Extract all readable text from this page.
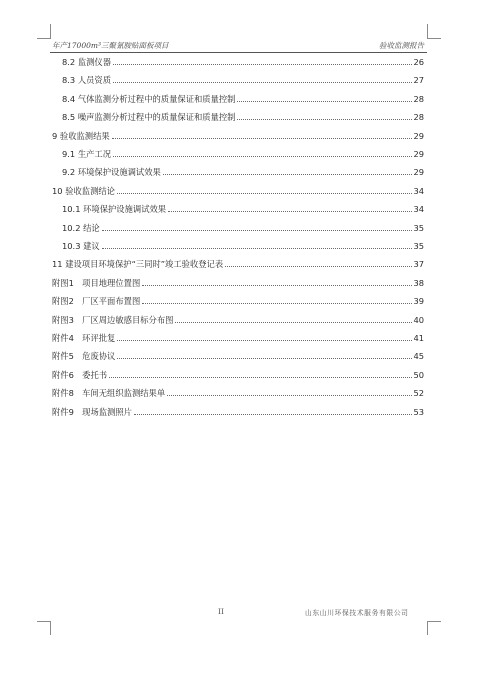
年产17000m³三聚氰胺贴面板项目	验收监测报告
8.2 监测仪器	26
8.3 人员资质	27
8.4 气体监测分析过程中的质量保证和质量控制	28
8.5 噪声监测分析过程中的质量保证和质量控制	28
9 验收监测结果	29
9.1 生产工况	29
9.2 环境保护设施调试效果	29
10 验收监测结论	34
10.1 环境保护设施调试效果	34
10.2 结论	35
10.3 建议	35
11 建设项目环境保护“三同时”竣工验收登记表	37
附图1　项目地理位置图	38
附图2　厂区平面布置图	39
附图3　厂区周边敏感目标分布图	40
附件4　环评批复	41
附件5　危废协议	45
附件6　委托书	50
附件8　车间无组织监测结果单	52
附件9　现场监测照片	53
II	山东山川环保技术服务有限公司
